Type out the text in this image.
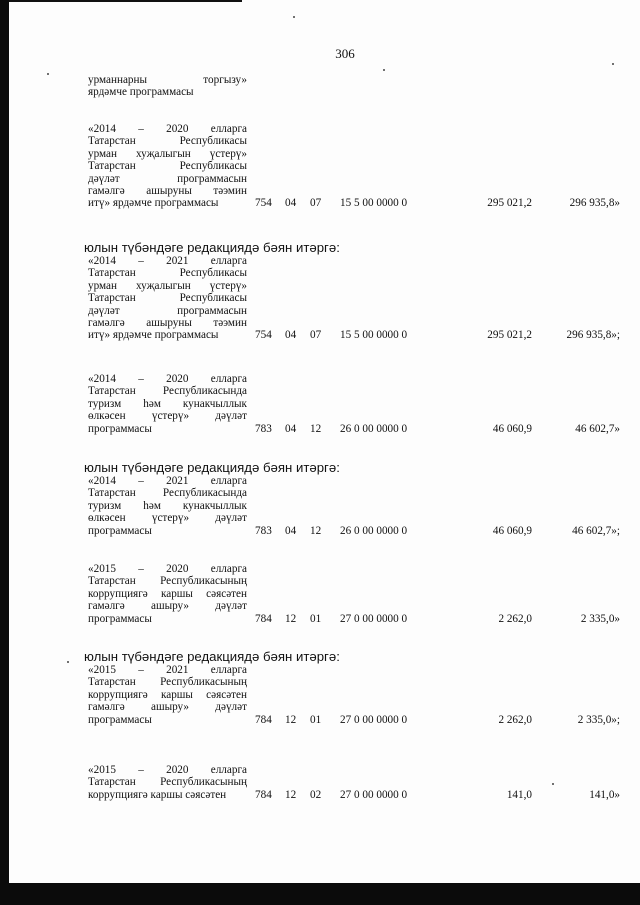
306
урманнарны торгызу»
ярдәмче программасы
«2014 – 2020 елларга
Татарстан Республикасы
урман хуҗалыгын үстерү»
Татарстан Республикасы
дәүләт программасын
гамәлгә ашыруны тәэмин
итү» ярдәмче программасы	754 04	07	15 5 00 0000 0	295 021,2	296 935,8»
юлын түбәндәге редакциядә бәян итәргә:
«2014 – 2021 елларга
Татарстан Республикасы
урман хуҗалыгын үстерү»
Татарстан Республикасы
дәүләт программасын
гамәлгә ашыруны тәэмин
итү» ярдәмче программасы	754 04	07	15 5 00 0000 0	295 021,2	296 935,8»;
«2014 – 2020 елларга
Татарстан Республикасында
туризм һәм кунакчыллык
өлкәсен үстерү» дәүләт
программасы	783 04	12	26 0 00 0000 0	46 060,9	46 602,7»
юлын түбәндәге редакциядә бәян итәргә:
«2014 – 2021 елларга
Татарстан Республикасында
туризм һәм кунакчыллык
өлкәсен үстерү» дәүләт
программасы	783 04	12	26 0 00 0000 0	46 060,9	46 602,7»;
«2015 – 2020 елларга
Татарстан Республикасының
коррупциягә каршы сәясәтен
гамәлгә ашыру» дәүләт
программасы	784 12	01	27 0 00 0000 0	2 262,0	2 335,0»
юлын түбәндәге редакциядә бәян итәргә:
«2015 – 2021 елларга
Татарстан Республикасының
коррупциягә каршы сәясәтен
гамәлгә ашыру» дәүләт
программасы	784 12	01	27 0 00 0000 0	2 262,0	2 335,0»;
«2015 – 2020 елларга
Татарстан Республикасының
коррупциягә каршы сәясәтен	784 12	02	27 0 00 0000 0	141,0	141,0»
